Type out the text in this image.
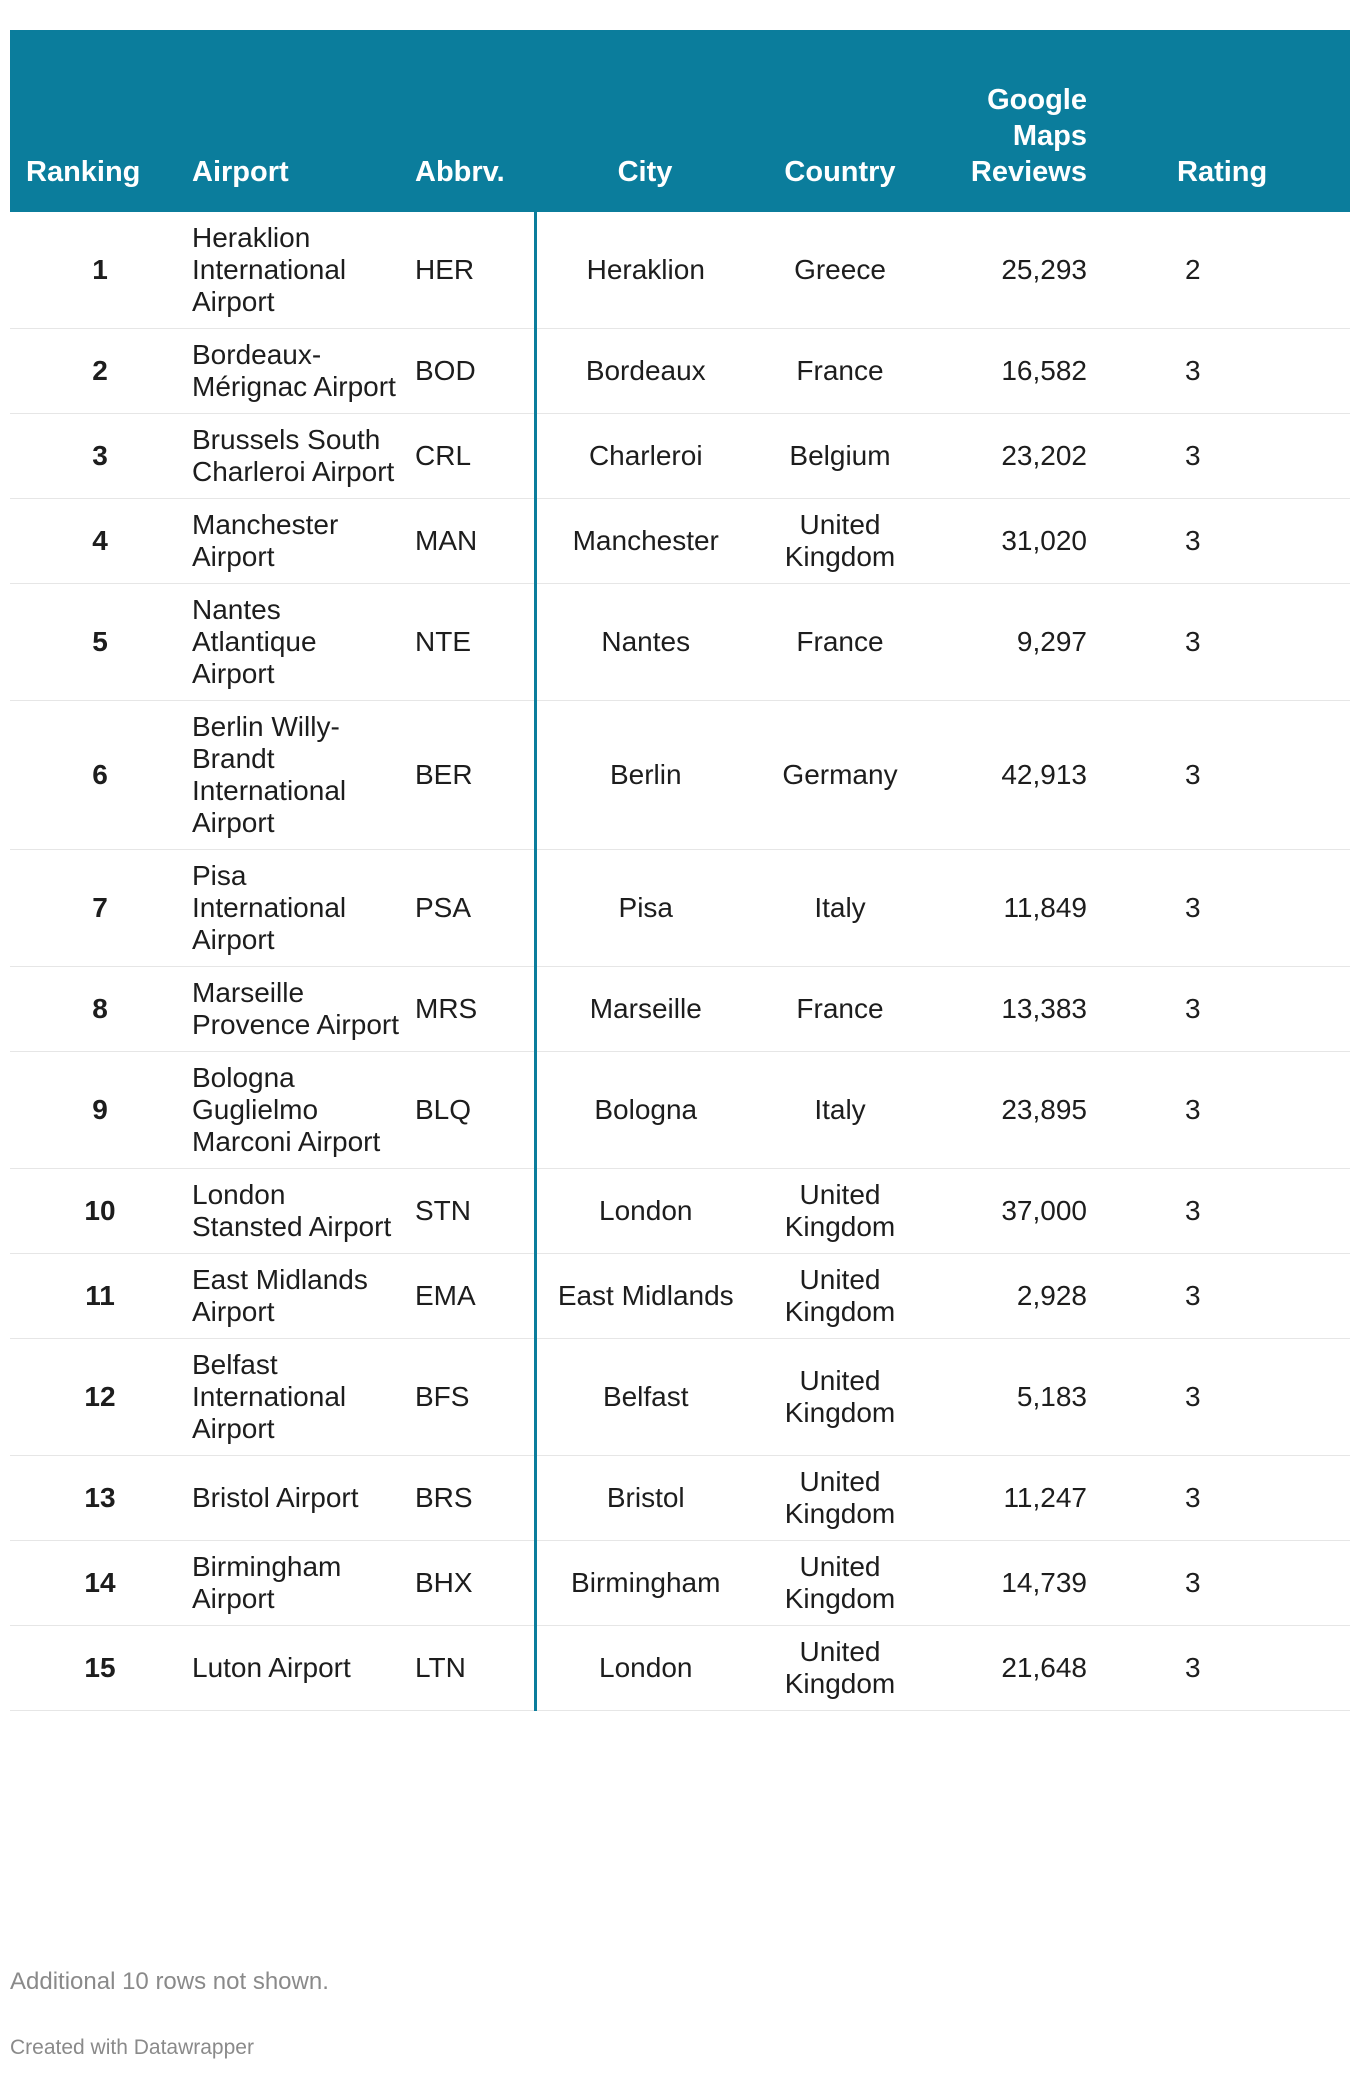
Ranking	Airport	Abbrv.	City	Country	Google Maps Reviews	Rating
1	Heraklion International Airport	HER	Heraklion	Greece	25,293	2
2	Bordeaux-Mérignac Airport	BOD	Bordeaux	France	16,582	3
3	Brussels South Charleroi Airport	CRL	Charleroi	Belgium	23,202	3
4	Manchester Airport	MAN	Manchester	United Kingdom	31,020	3
5	Nantes Atlantique Airport	NTE	Nantes	France	9,297	3
6	Berlin Willy-Brandt International Airport	BER	Berlin	Germany	42,913	3
7	Pisa International Airport	PSA	Pisa	Italy	11,849	3
8	Marseille Provence Airport	MRS	Marseille	France	13,383	3
9	Bologna Guglielmo Marconi Airport	BLQ	Bologna	Italy	23,895	3
10	London Stansted Airport	STN	London	United Kingdom	37,000	3
11	East Midlands Airport	EMA	East Midlands	United Kingdom	2,928	3
12	Belfast International Airport	BFS	Belfast	United Kingdom	5,183	3
13	Bristol Airport	BRS	Bristol	United Kingdom	11,247	3
14	Birmingham Airport	BHX	Birmingham	United Kingdom	14,739	3
15	Luton Airport	LTN	London	United Kingdom	21,648	3
Additional 10 rows not shown.
Created with Datawrapper
